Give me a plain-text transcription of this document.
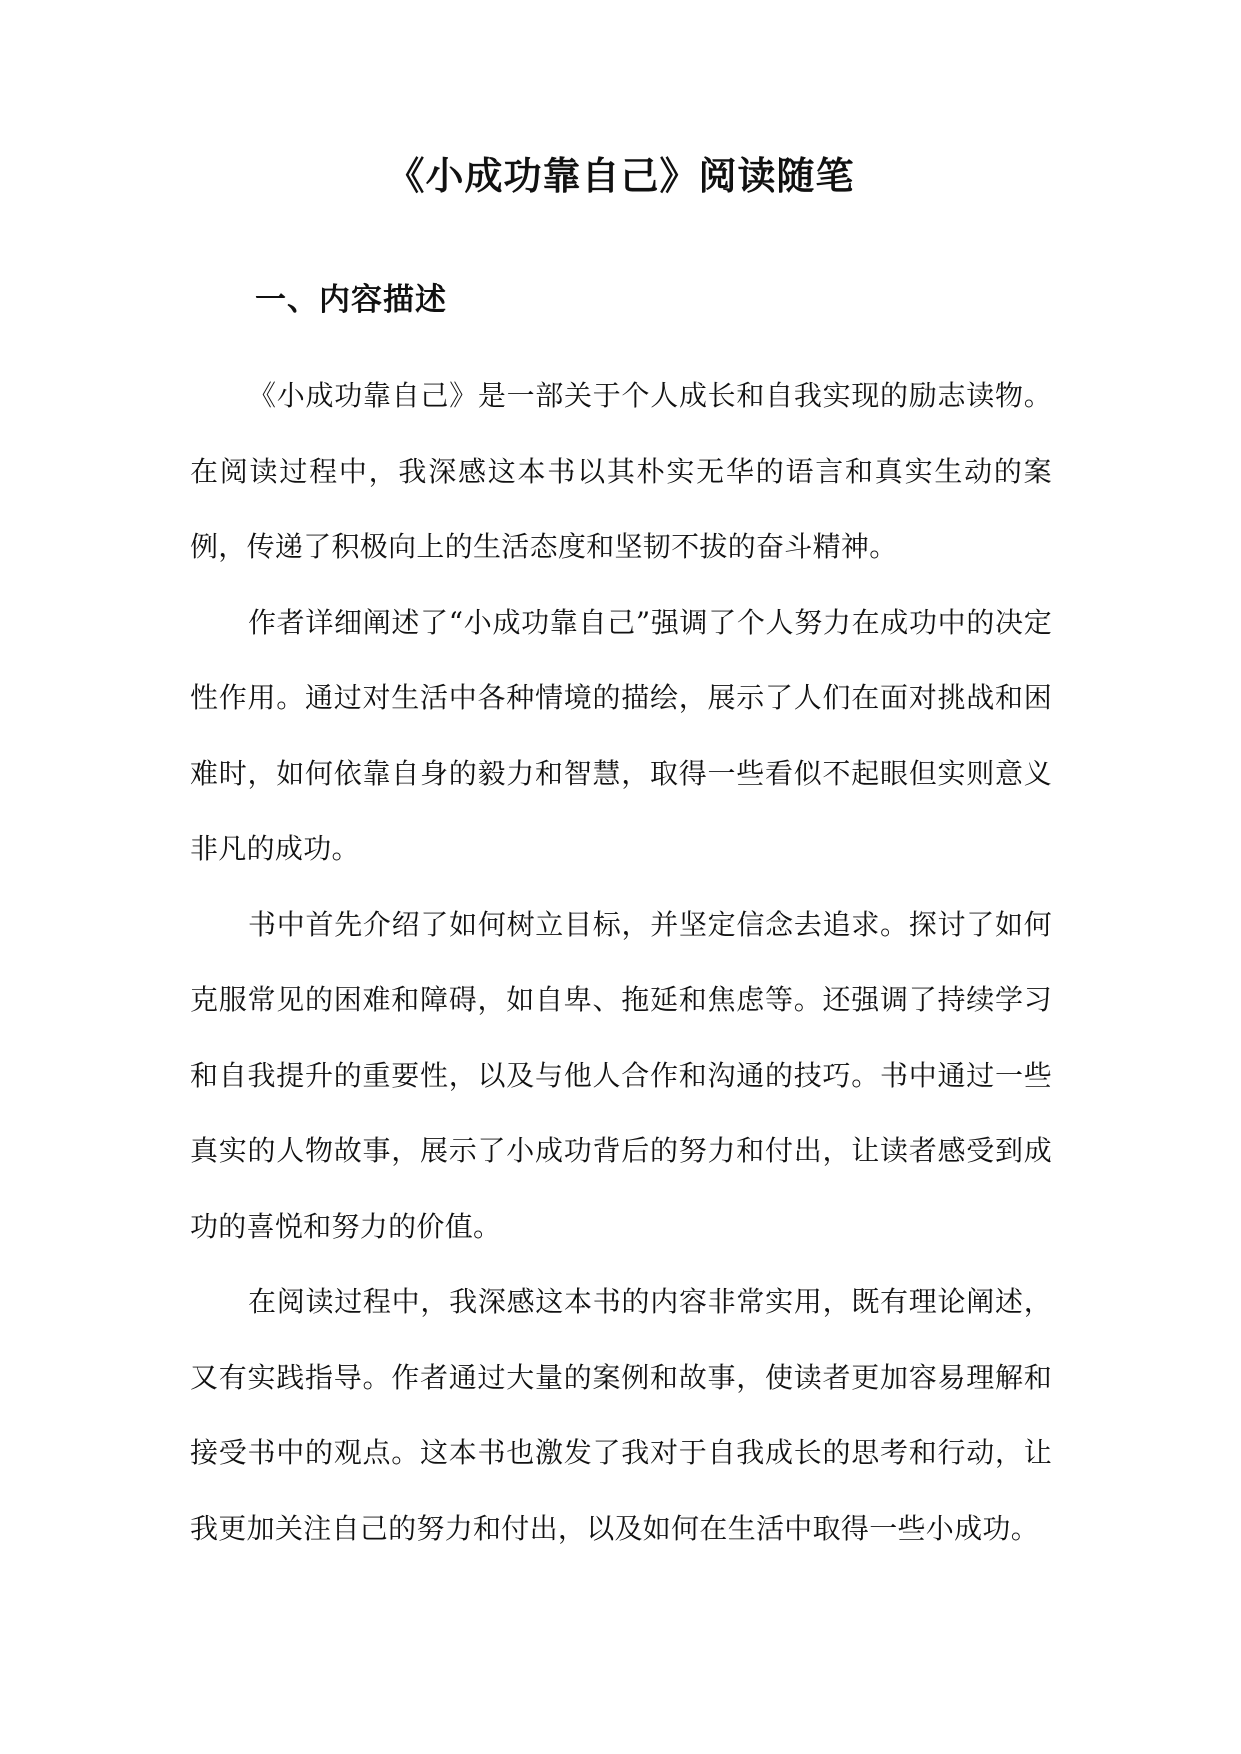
《小成功靠自己》阅读随笔
一、内容描述

《小成功靠自己》是一部关于个人成长和自我实现的励志读物。在阅读过程中，我深感这本书以其朴实无华的语言和真实生动的案例，传递了积极向上的生活态度和坚韧不拔的奋斗精神。

作者详细阐述了“小成功靠自己”强调了个人努力在成功中的决定性作用。通过对生活中各种情境的描绘，展示了人们在面对挑战和困难时，如何依靠自身的毅力和智慧，取得一些看似不起眼但实则意义非凡的成功。

书中首先介绍了如何树立目标，并坚定信念去追求。探讨了如何克服常见的困难和障碍，如自卑、拖延和焦虑等。还强调了持续学习和自我提升的重要性，以及与他人合作和沟通的技巧。书中通过一些真实的人物故事，展示了小成功背后的努力和付出，让读者感受到成功的喜悦和努力的价值。

在阅读过程中，我深感这本书的内容非常实用，既有理论阐述，又有实践指导。作者通过大量的案例和故事，使读者更加容易理解和接受书中的观点。这本书也激发了我对于自我成长的思考和行动，让我更加关注自己的努力和付出，以及如何在生活中取得一些小成功。
